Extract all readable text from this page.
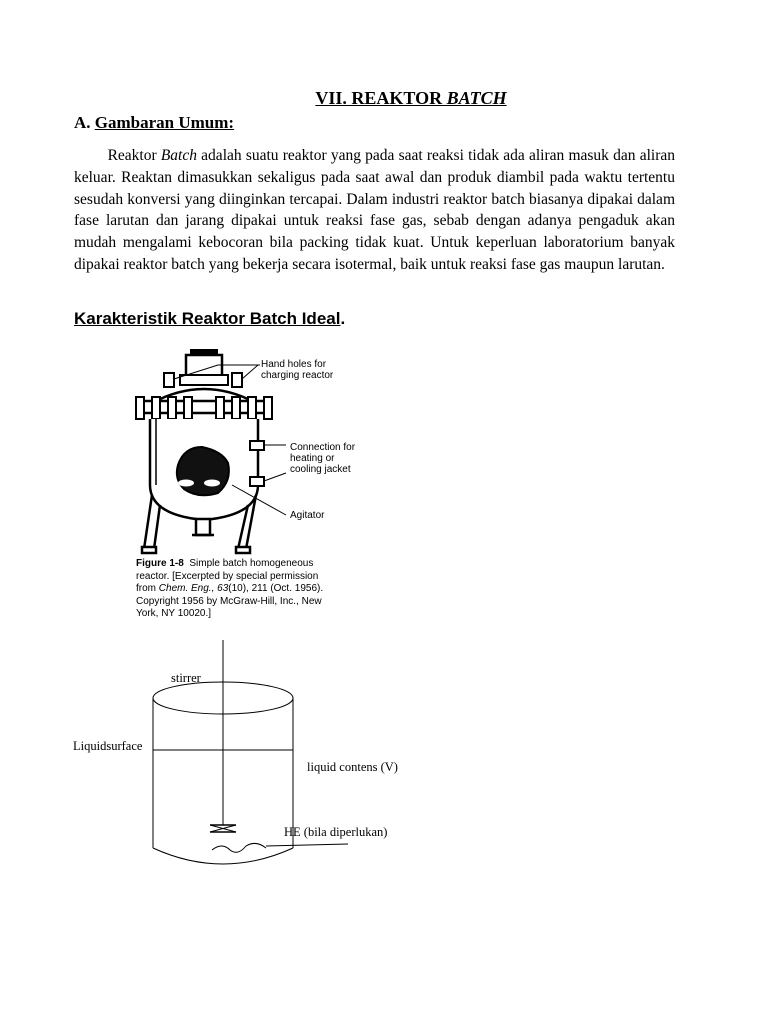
VII. REAKTOR BATCH
A. Gambaran Umum:
Reaktor Batch adalah suatu reaktor yang pada saat reaksi tidak ada aliran masuk dan aliran keluar. Reaktan dimasukkan sekaligus pada saat awal dan produk diambil pada waktu tertentu sesudah konversi yang diinginkan tercapai. Dalam industri reaktor batch biasanya dipakai dalam fase larutan dan jarang dipakai untuk reaksi fase gas, sebab dengan adanya pengaduk akan mudah mengalami kebocoran bila packing tidak kuat. Untuk keperluan laboratorium banyak dipakai reaktor batch yang bekerja secara isotermal, baik untuk reaksi fase gas maupun larutan.
Karakteristik Reaktor Batch Ideal.
Hand holes for
charging reactor
Connection for
heating or
cooling jacket
Agitator
Figure 1-8 Simple batch homogeneous
reactor. [Excerpted by special permission
from Chem. Eng., 63(10), 211 (Oct. 1956).
Copyright 1956 by McGraw-Hill, Inc., New
York, NY 10020.]
stirrer
Liquidsurface
liquid contens (V)
HE (bila diperlukan)
